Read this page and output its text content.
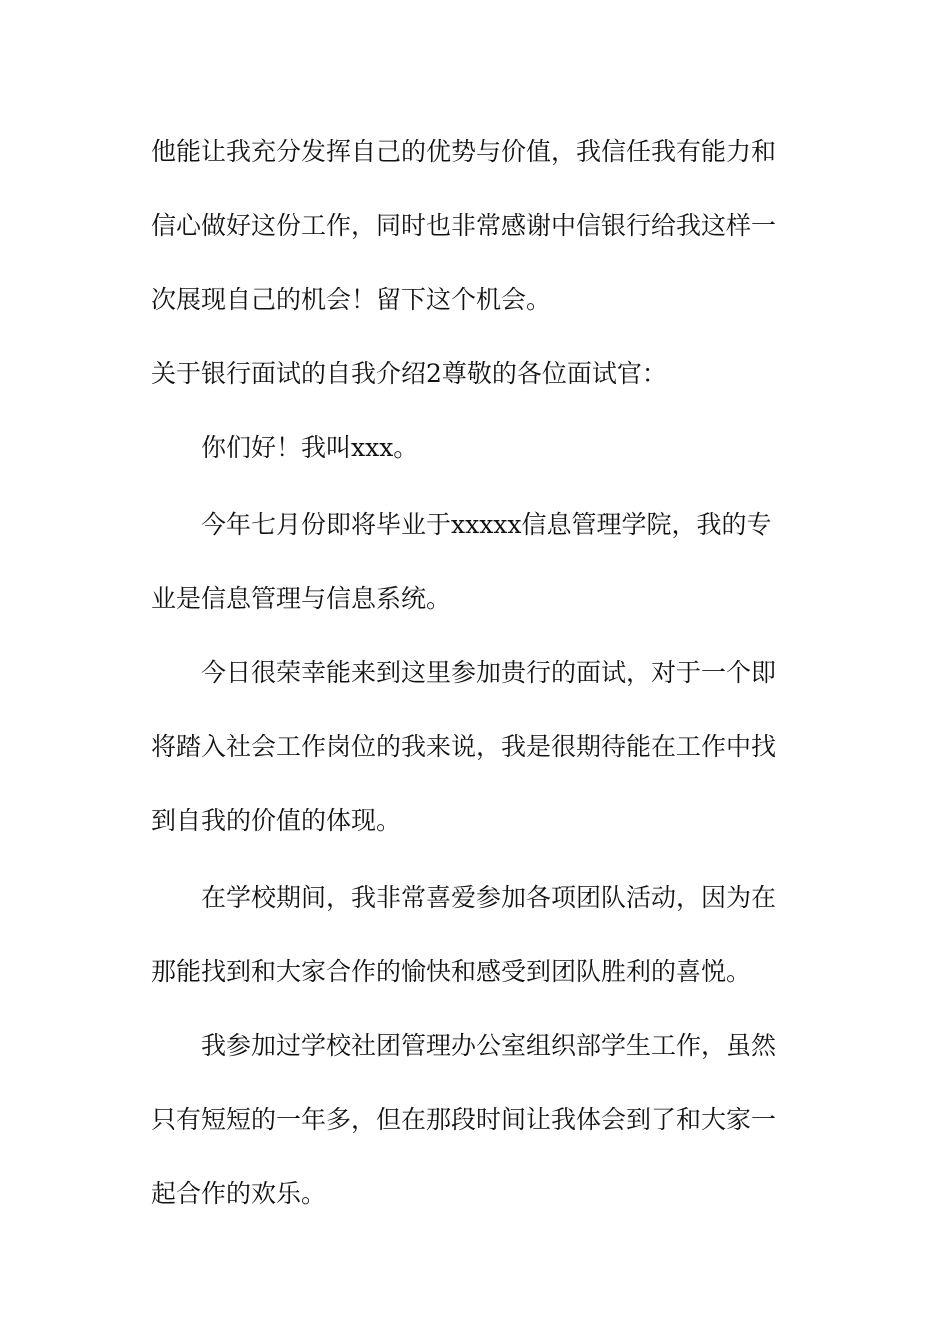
他能让我充分发挥自己的优势与价值，我信任我有能力和
信心做好这份工作，同时也非常感谢中信银行给我这样一
次展现自己的机会！留下这个机会。
关于银行面试的自我介绍2尊敬的各位面试官：
你们好！我叫xxx。
今年七月份即将毕业于xxxxx信息管理学院，我的专
业是信息管理与信息系统。
今日很荣幸能来到这里参加贵行的面试，对于一个即
将踏入社会工作岗位的我来说，我是很期待能在工作中找
到自我的价值的体现。
在学校期间，我非常喜爱参加各项团队活动，因为在
那能找到和大家合作的愉快和感受到团队胜利的喜悦。
我参加过学校社团管理办公室组织部学生工作，虽然
只有短短的一年多，但在那段时间让我体会到了和大家一
起合作的欢乐。
